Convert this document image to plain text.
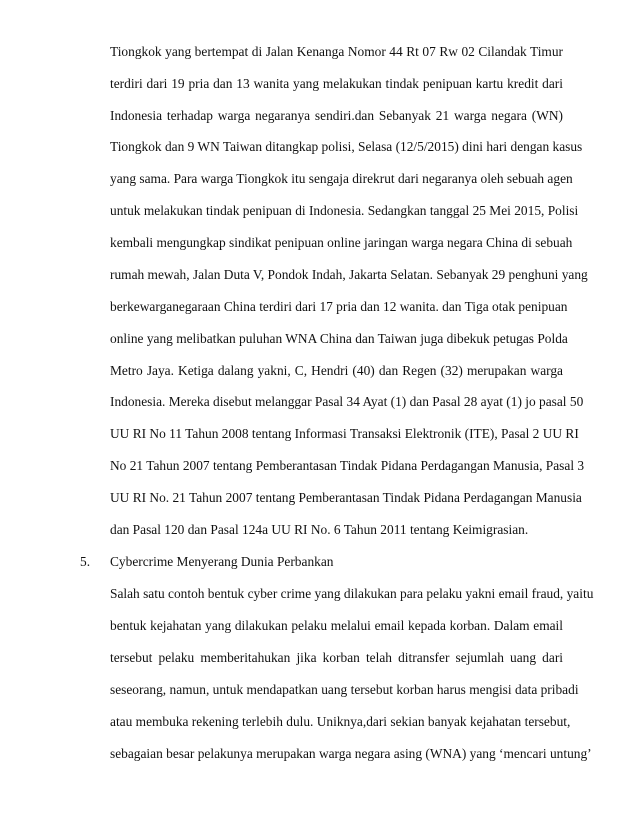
Tiongkok yang bertempat di Jalan Kenanga Nomor 44 Rt 07 Rw 02 Cilandak Timur
terdiri dari 19 pria dan 13 wanita yang melakukan tindak penipuan kartu kredit dari
Indonesia terhadap warga negaranya sendiri.dan Sebanyak 21 warga negara (WN)
Tiongkok dan 9 WN Taiwan ditangkap polisi, Selasa (12/5/2015) dini hari dengan kasus
yang sama. Para warga Tiongkok itu sengaja direkrut dari negaranya oleh sebuah agen
untuk melakukan tindak penipuan di Indonesia. Sedangkan tanggal 25 Mei 2015, Polisi
kembali mengungkap sindikat penipuan online jaringan warga negara China di sebuah
rumah mewah, Jalan Duta V, Pondok Indah, Jakarta Selatan. Sebanyak 29 penghuni yang
berkewarganegaraan China terdiri dari 17 pria dan 12 wanita. dan Tiga otak penipuan
online yang melibatkan puluhan WNA China dan Taiwan juga dibekuk petugas Polda
Metro Jaya. Ketiga dalang yakni, C, Hendri (40) dan Regen (32) merupakan warga
Indonesia. Mereka disebut melanggar Pasal 34 Ayat (1) dan Pasal 28 ayat (1) jo pasal 50
UU RI No 11 Tahun 2008 tentang Informasi Transaksi Elektronik (ITE), Pasal 2 UU RI
No 21 Tahun 2007 tentang Pemberantasan Tindak Pidana Perdagangan Manusia, Pasal 3
UU RI No. 21 Tahun 2007 tentang Pemberantasan Tindak Pidana Perdagangan Manusia
dan Pasal 120 dan Pasal 124a UU RI No. 6 Tahun 2011 tentang Keimigrasian.
5. Cybercrime Menyerang Dunia Perbankan
Salah satu contoh bentuk cyber crime yang dilakukan para pelaku yakni email fraud, yaitu
bentuk kejahatan yang dilakukan pelaku melalui email kepada korban. Dalam email
tersebut pelaku memberitahukan jika korban telah ditransfer sejumlah uang dari
seseorang, namun, untuk mendapatkan uang tersebut korban harus mengisi data pribadi
atau membuka rekening terlebih dulu. Uniknya,dari sekian banyak kejahatan tersebut,
sebagaian besar pelakunya merupakan warga negara asing (WNA) yang ‘mencari untung’
